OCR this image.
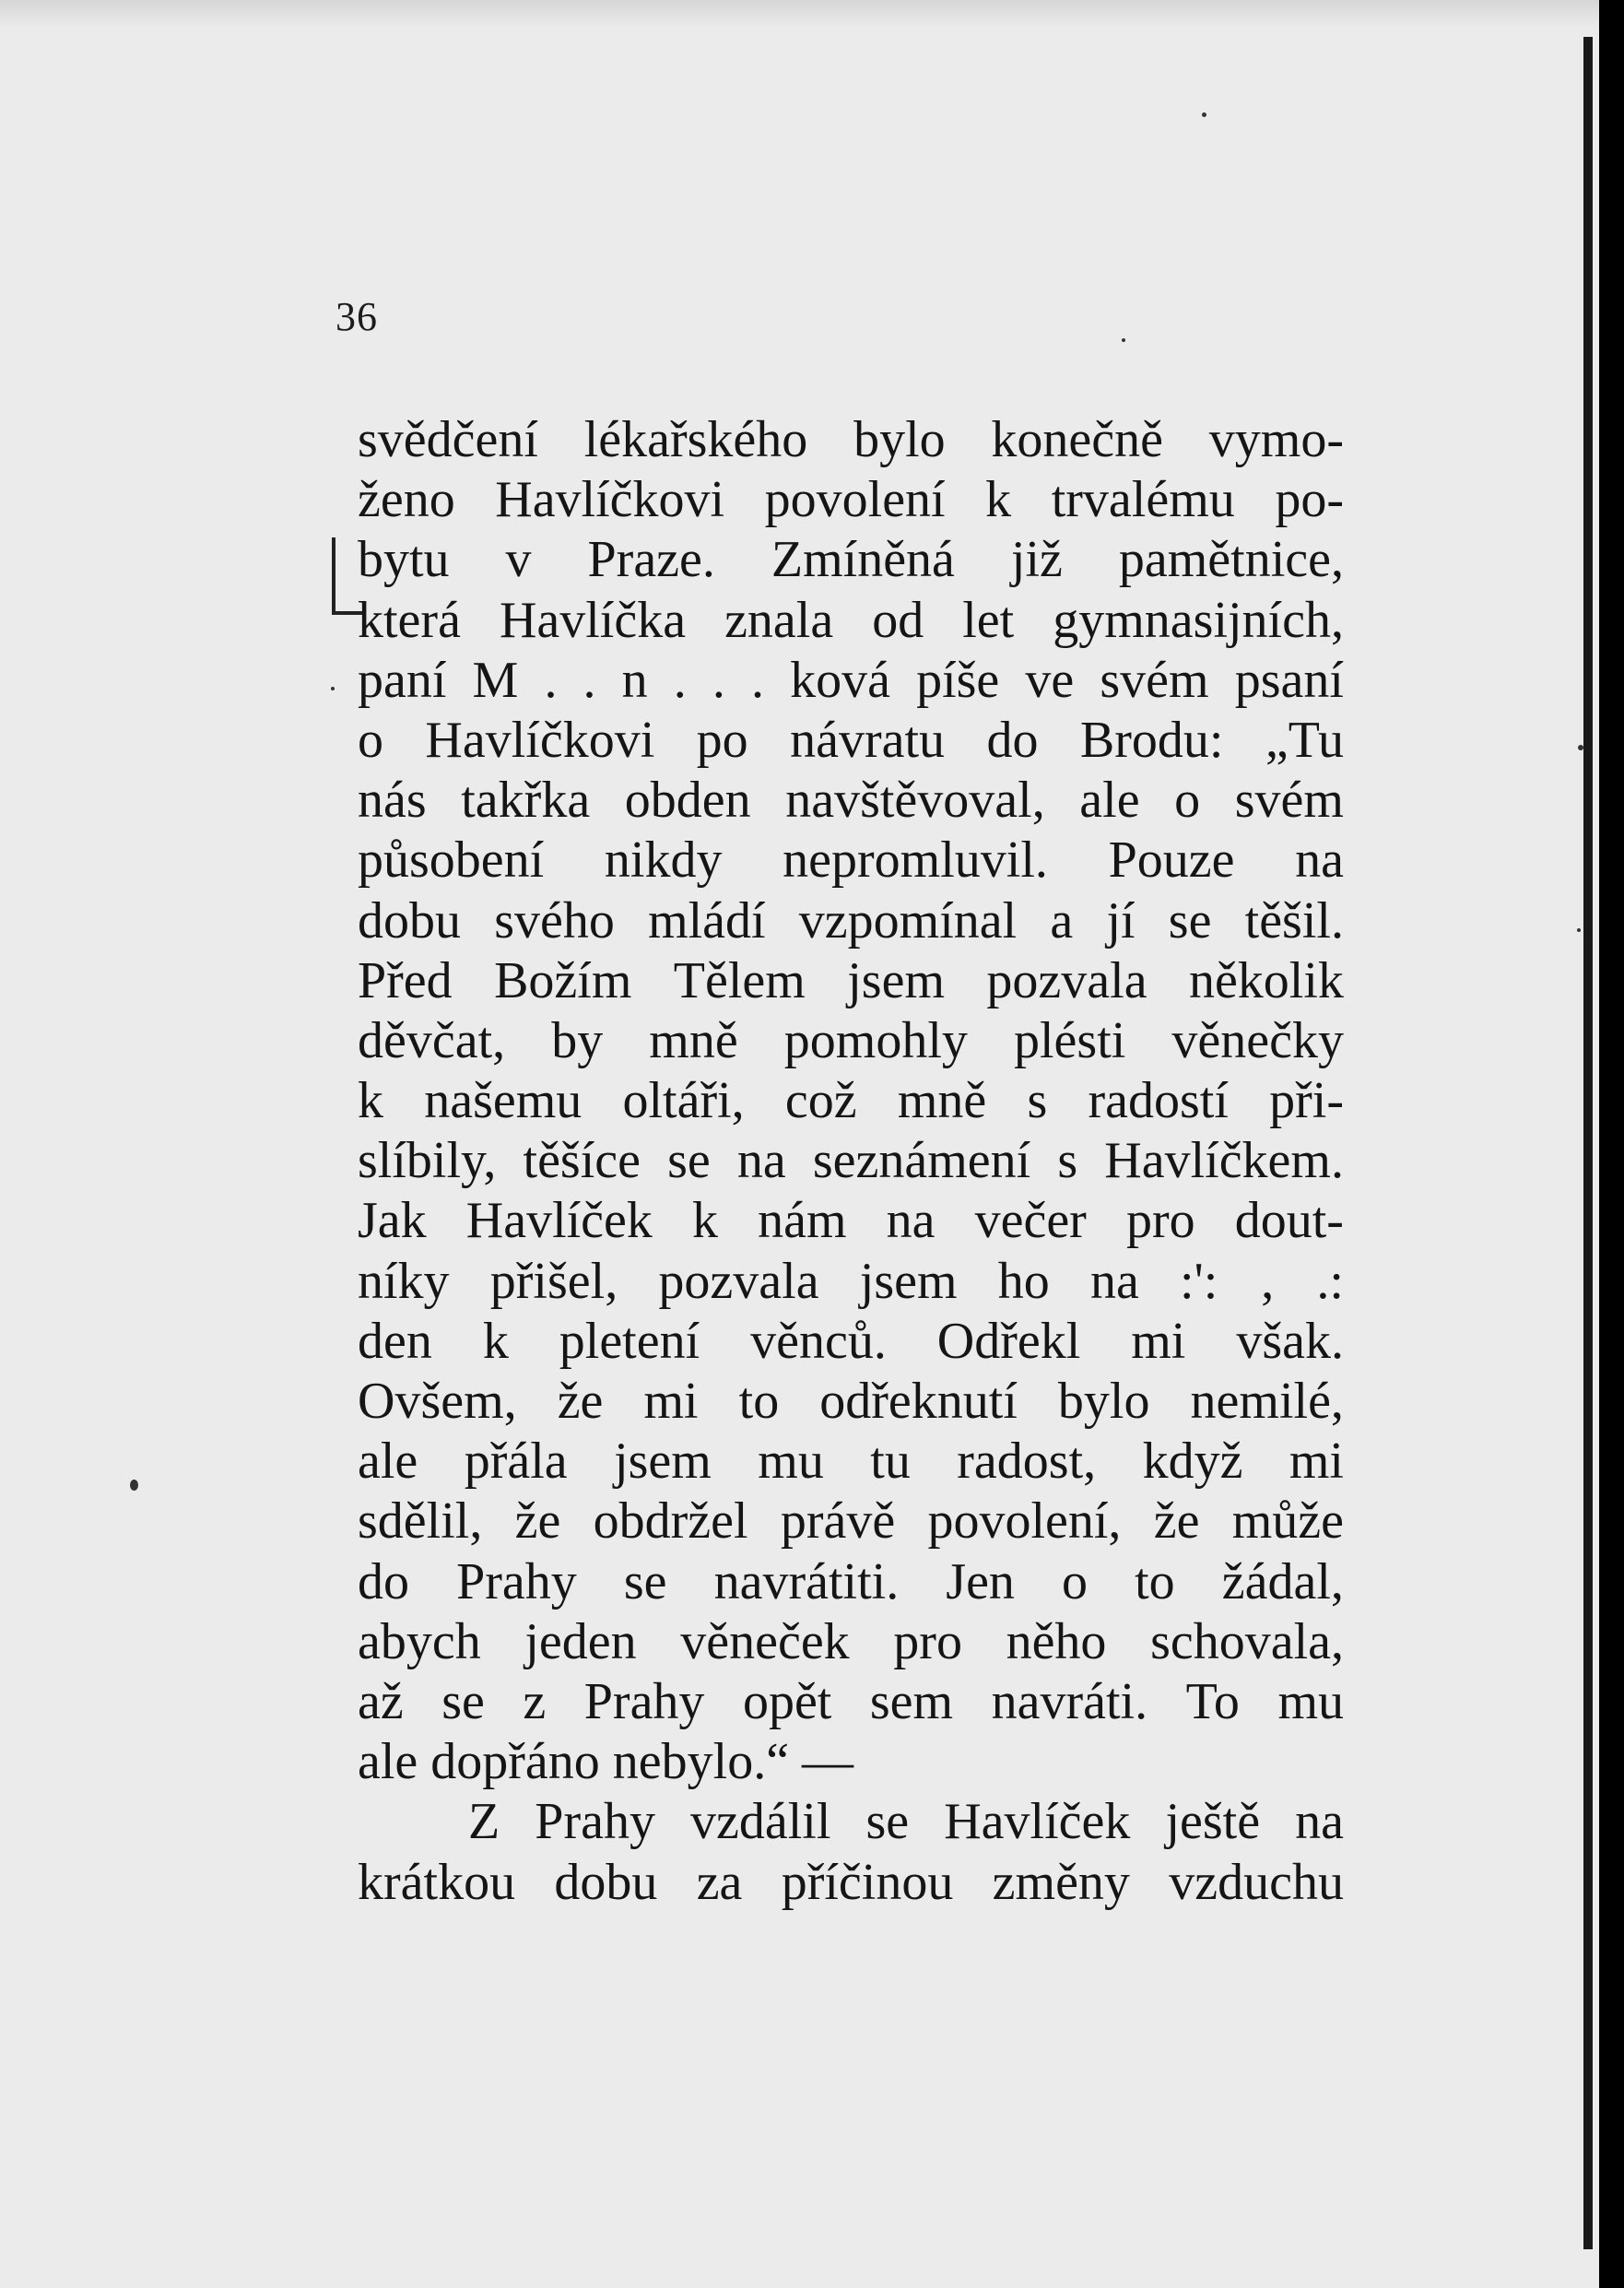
36
svědčení lékařského bylo konečně vymo-
ženo Havlíčkovi povolení k trvalému po-
bytu v Praze. Zmíněná již pamětnice,
která Havlíčka znala od let gymnasijních,
paní M . . n . . . ková píše ve svém psaní
o Havlíčkovi po návratu do Brodu: „Tu
nás takřka obden navštěvoval, ale o svém
působení nikdy nepromluvil. Pouze na
dobu svého mládí vzpomínal a jí se těšil.
Před Božím Tělem jsem pozvala několik
děvčat, by mně pomohly plésti věnečky
k našemu oltáři, což mně s radostí při-
slíbily, těšíce se na seznámení s Havlíčkem.
Jak Havlíček k nám na večer pro dout-
níky přišel, pozvala jsem ho na :': ‚ .:
den k pletení věnců. Odřekl mi však.
Ovšem, že mi to odřeknutí bylo nemilé,
ale přála jsem mu tu radost, když mi
sdělil, že obdržel právě povolení, že může
do Prahy se navrátiti. Jen o to žádal,
abych jeden věneček pro něho schovala,
až se z Prahy opět sem navráti. To mu
ale dopřáno nebylo.“ —
Z Prahy vzdálil se Havlíček ještě na
krátkou dobu za příčinou změny vzduchu
